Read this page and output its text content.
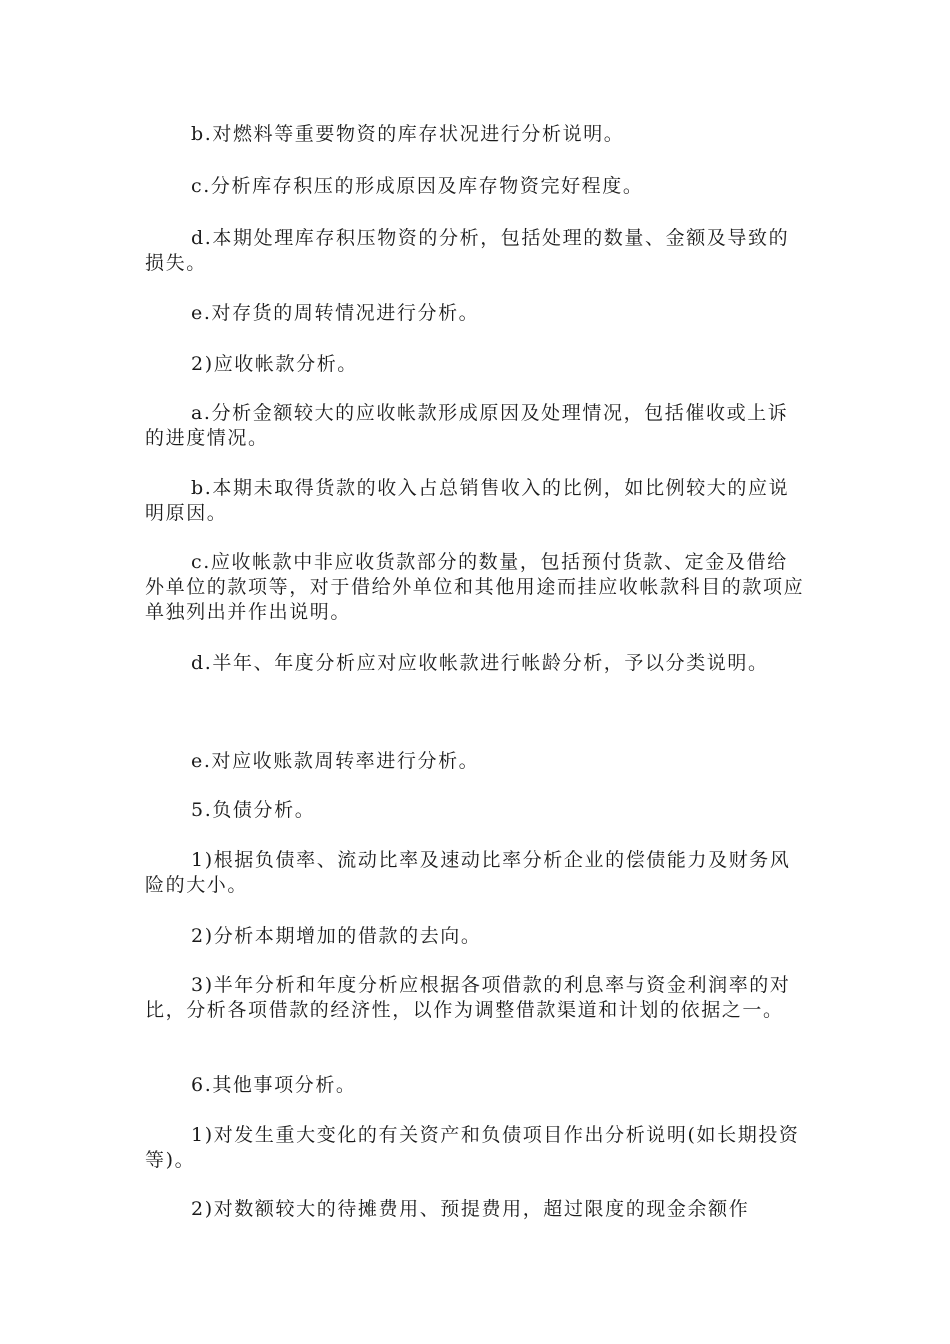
b.对燃料等重要物资的库存状况进行分析说明。

c.分析库存积压的形成原因及库存物资完好程度。

d.本期处理库存积压物资的分析，包括处理的数量、金额及导致的损失。

e.对存货的周转情况进行分析。

2)应收帐款分析。

a.分析金额较大的应收帐款形成原因及处理情况，包括催收或上诉的进度情况。

b.本期未取得货款的收入占总销售收入的比例，如比例较大的应说明原因。

c.应收帐款中非应收货款部分的数量，包括预付货款、定金及借给外单位的款项等，对于借给外单位和其他用途而挂应收帐款科目的款项应单独列出并作出说明。

d.半年、年度分析应对应收帐款进行帐龄分析，予以分类说明。

e.对应收账款周转率进行分析。

5.负债分析。

1)根据负债率、流动比率及速动比率分析企业的偿债能力及财务风险的大小。

2)分析本期增加的借款的去向。

3)半年分析和年度分析应根据各项借款的利息率与资金利润率的对比，分析各项借款的经济性，以作为调整借款渠道和计划的依据之一。

6.其他事项分析。

1)对发生重大变化的有关资产和负债项目作出分析说明(如长期投资等)。

2)对数额较大的待摊费用、预提费用，超过限度的现金余额作
